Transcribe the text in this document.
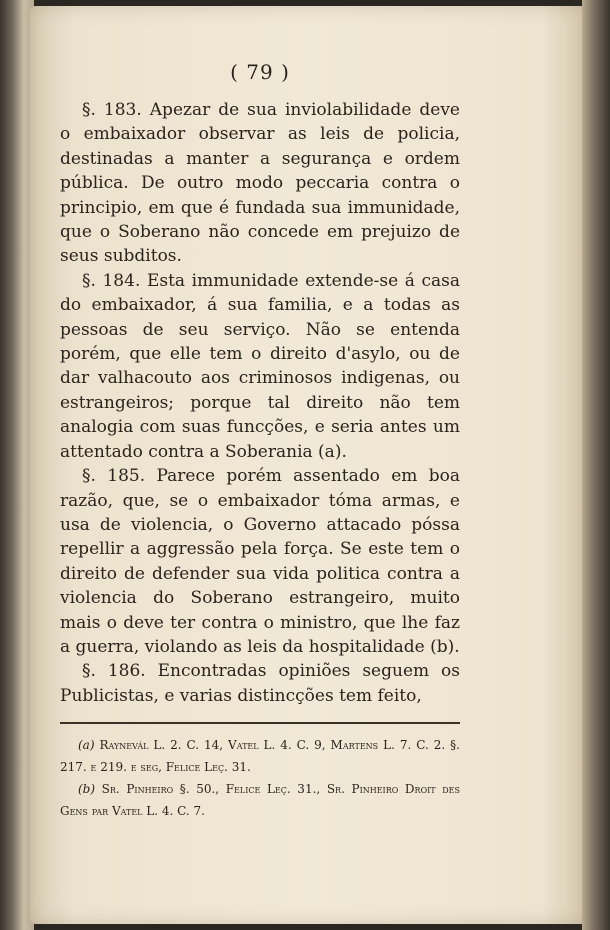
( 79 )

§. 183. Apezar de sua inviolabilidade deve o embaixador observar as leis de policia, destinadas a manter a segurança e ordem pública. De outro modo peccaria contra o principio, em que é fundada sua immunidade, que o Soberano não concede em prejuizo de seus subditos.

§. 184. Esta immunidade extende-se á casa do embaixador, á sua familia, e a todas as pessoas de seu serviço. Não se entenda porém, que elle tem o direito d'asylo, ou de dar valhacouto aos criminosos indigenas, ou estrangeiros; porque tal direito não tem analogia com suas funcções, e seria antes um attentado contra a Soberania (a).

§. 185. Parece porém assentado em boa razão, que, se o embaixador tóma armas, e usa de violencia, o Governo attacado póssa repellir a aggressão pela força. Se este tem o direito de defender sua vida politica contra a violencia do Soberano estrangeiro, muito mais o deve ter contra o ministro, que lhe faz a guerra, violando as leis da hospitalidade (b).

§. 186. Encontradas opiniões seguem os Publicistas, e varias distincções tem feito,

(a) Raynevál L. 2. C. 14, Vatel L. 4. C. 9, Martens L. 7. C. 2. §. 217. e 219. e seg, Felice Leç. 31.

(b) Sr. Pinheiro §. 50., Felice Leç. 31., Sr. Pinheiro Droit des Gens par Vatel L. 4. C. 7.
